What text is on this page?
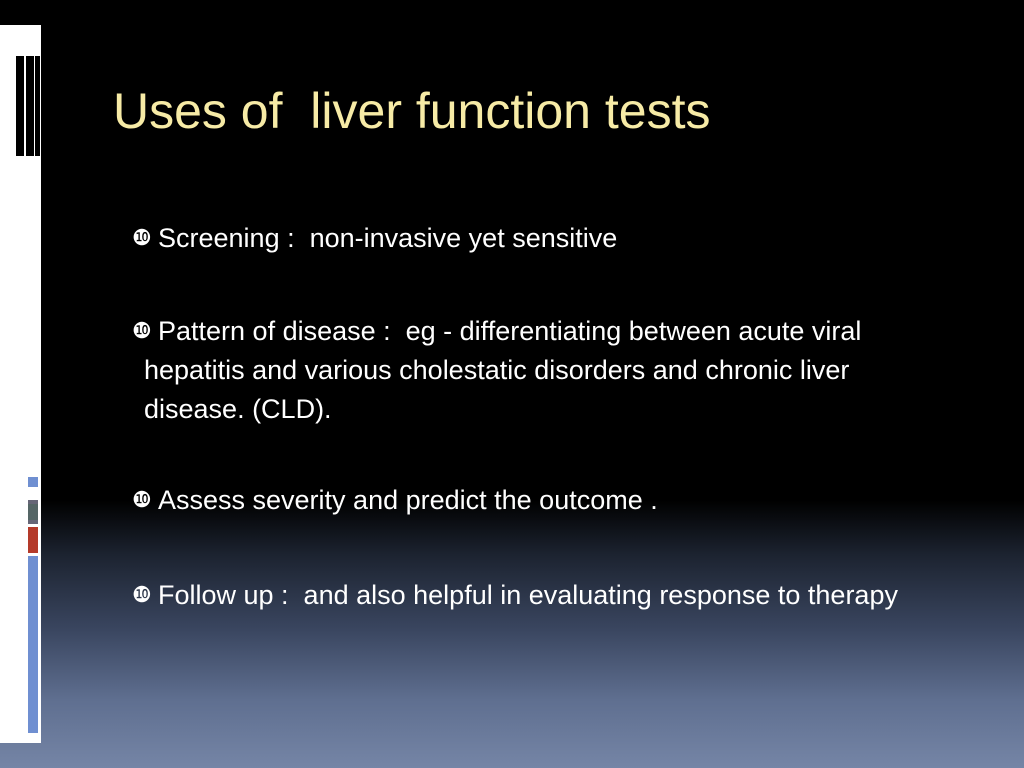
Uses of  liver function tests
❿ Screening :  non-invasive yet sensitive
❿ Pattern of disease :  eg - differentiating between acute viral hepatitis and various cholestatic disorders and chronic liver disease. (CLD).
❿ Assess severity and predict the outcome .
❿ Follow up :  and also helpful in evaluating response to therapy
